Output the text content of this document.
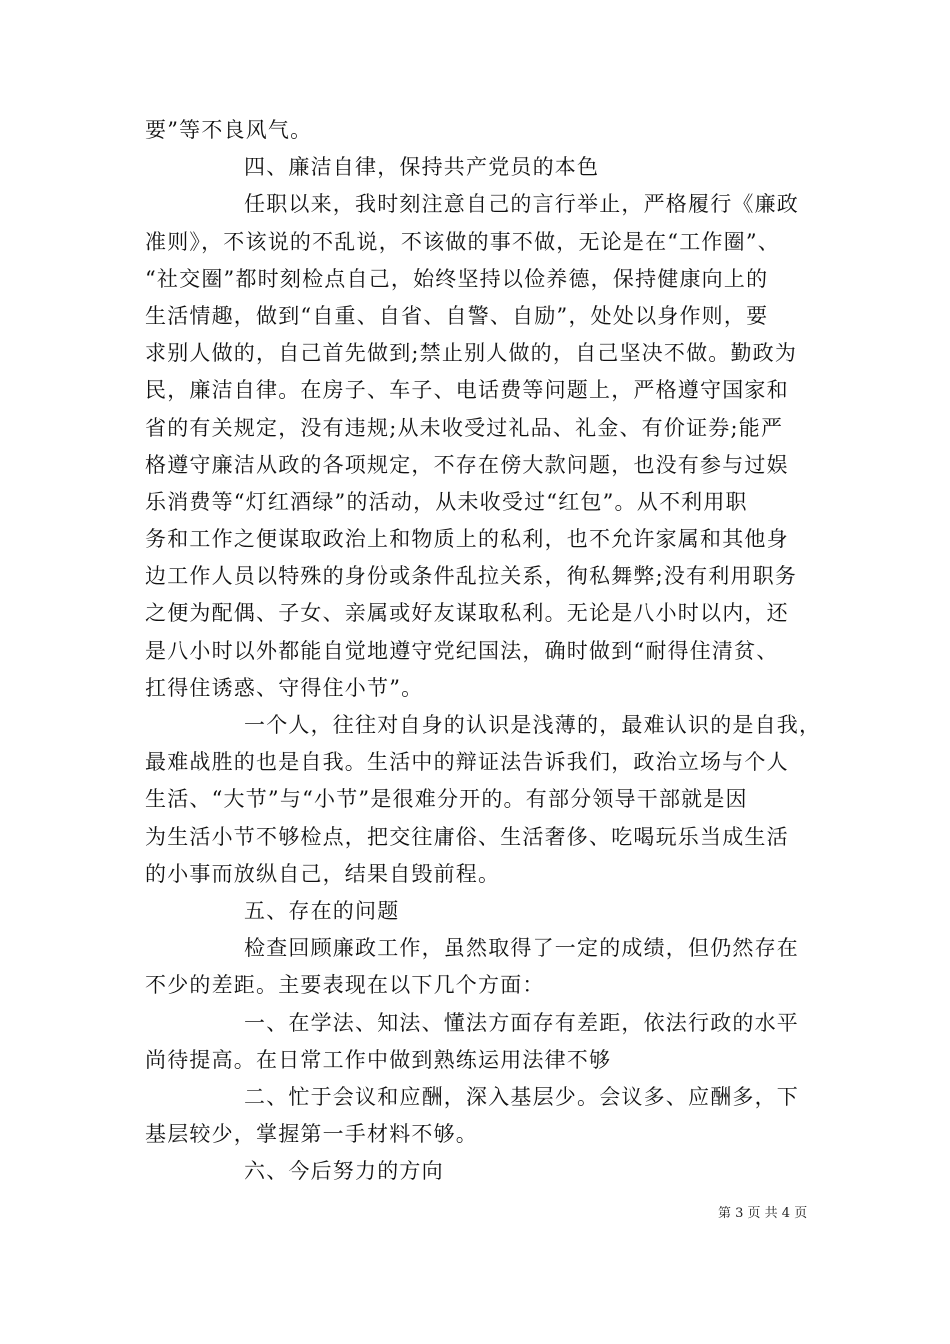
要”等不良风气。
四、廉洁自律，保持共产党员的本色
任职以来，我时刻注意自己的言行举止，严格履行《廉政
准则》，不该说的不乱说，不该做的事不做，无论是在“工作圈”、
“社交圈”都时刻检点自己，始终坚持以俭养德，保持健康向上的
生活情趣，做到“自重、自省、自警、自励”，处处以身作则，要
求别人做的，自己首先做到;禁止别人做的，自己坚决不做。勤政为
民，廉洁自律。在房子、车子、电话费等问题上，严格遵守国家和
省的有关规定，没有违规;从未收受过礼品、礼金、有价证券;能严
格遵守廉洁从政的各项规定，不存在傍大款问题，也没有参与过娱
乐消费等“灯红酒绿”的活动，从未收受过“红包”。从不利用职
务和工作之便谋取政治上和物质上的私利，也不允许家属和其他身
边工作人员以特殊的身份或条件乱拉关系，徇私舞弊;没有利用职务
之便为配偶、子女、亲属或好友谋取私利。无论是八小时以内，还
是八小时以外都能自觉地遵守党纪国法，确时做到“耐得住清贫、
扛得住诱惑、守得住小节”。
一个人，往往对自身的认识是浅薄的，最难认识的是自我，
最难战胜的也是自我。生活中的辩证法告诉我们，政治立场与个人
生活、“大节”与“小节”是很难分开的。有部分领导干部就是因
为生活小节不够检点，把交往庸俗、生活奢侈、吃喝玩乐当成生活
的小事而放纵自己，结果自毁前程。
五、存在的问题
检查回顾廉政工作，虽然取得了一定的成绩，但仍然存在
不少的差距。主要表现在以下几个方面：
一、在学法、知法、懂法方面存有差距，依法行政的水平
尚待提高。在日常工作中做到熟练运用法律不够
二、忙于会议和应酬，深入基层少。会议多、应酬多，下
基层较少，掌握第一手材料不够。
六、今后努力的方向
第 3 页 共 4 页
